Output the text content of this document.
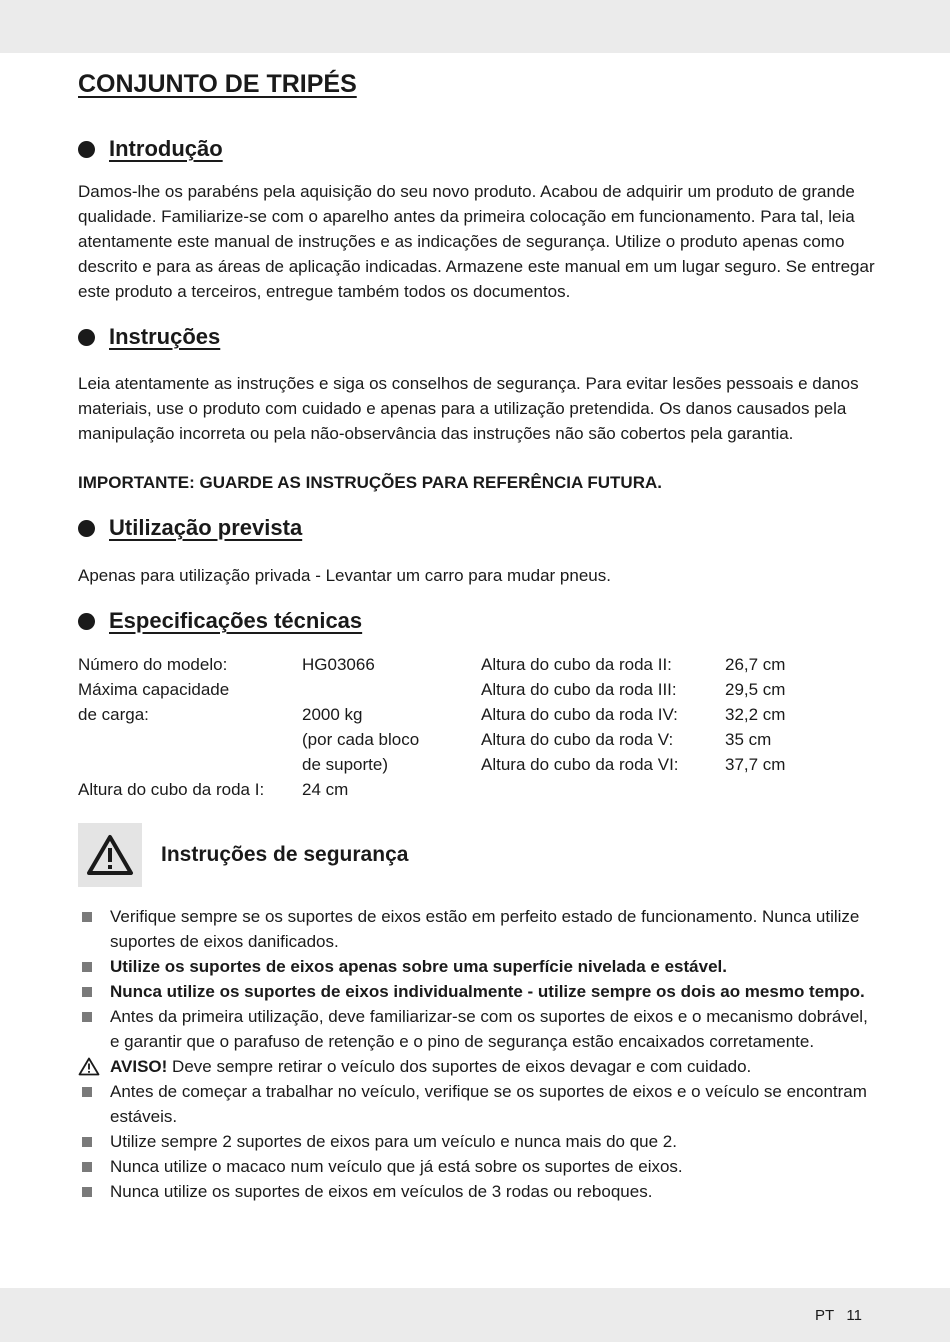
CONJUNTO DE TRIPÉS
Introdução

Damos-lhe os parabéns pela aquisição do seu novo produto. Acabou de adquirir um produto de grande qualidade. Familiarize-se com o aparelho antes da primeira colocação em funcionamento. Para tal, leia atentamente este manual de instruções e as indicações de segurança. Utilize o produto apenas como descrito e para as áreas de aplicação indicadas. Armazene este manual em um lugar seguro. Se entregar este produto a terceiros, entregue também todos os documentos.

Instruções

Leia atentamente as instruções e siga os conselhos de segurança. Para evitar lesões pessoais e danos materiais, use o produto com cuidado e apenas para a utilização pretendida. Os danos causados pela manipulação incorreta ou pela não-observância das instruções não são cobertos pela garantia.

IMPORTANTE: GUARDE AS INSTRUÇÕES PARA REFERÊNCIA FUTURA.

Utilização prevista

Apenas para utilização privada - Levantar um carro para mudar pneus.

Especificações técnicas
Número do modelo:
Máxima capacidade
de carga:

Altura do cubo da roda I:
HG03066

2000 kg
(por cada bloco
de suporte)
24 cm
Altura do cubo da roda II:
Altura do cubo da roda III:
Altura do cubo da roda IV:
Altura do cubo da roda V:
Altura do cubo da roda VI:
26,7 cm
29,5 cm
32,2 cm
35 cm
37,7 cm
Instruções de segurança
Verifique sempre se os suportes de eixos estão em perfeito estado de funcionamento. Nunca utilize suportes de eixos danificados.
Utilize os suportes de eixos apenas sobre uma superfície nivelada e estável.
Nunca utilize os suportes de eixos individualmente - utilize sempre os dois ao mesmo tempo.
Antes da primeira utilização, deve familiarizar-se com os suportes de eixos e o mecanismo dobrável, e garantir que o parafuso de retenção e o pino de segurança estão encaixados corretamente.
AVISO! Deve sempre retirar o veículo dos suportes de eixos devagar e com cuidado.
Antes de começar a trabalhar no veículo, verifique se os suportes de eixos e o veículo se encontram estáveis.
Utilize sempre 2 suportes de eixos para um veículo e nunca mais do que 2.
Nunca utilize o macaco num veículo que já está sobre os suportes de eixos.
Nunca utilize os suportes de eixos em veículos de 3 rodas ou reboques.
PT   11
